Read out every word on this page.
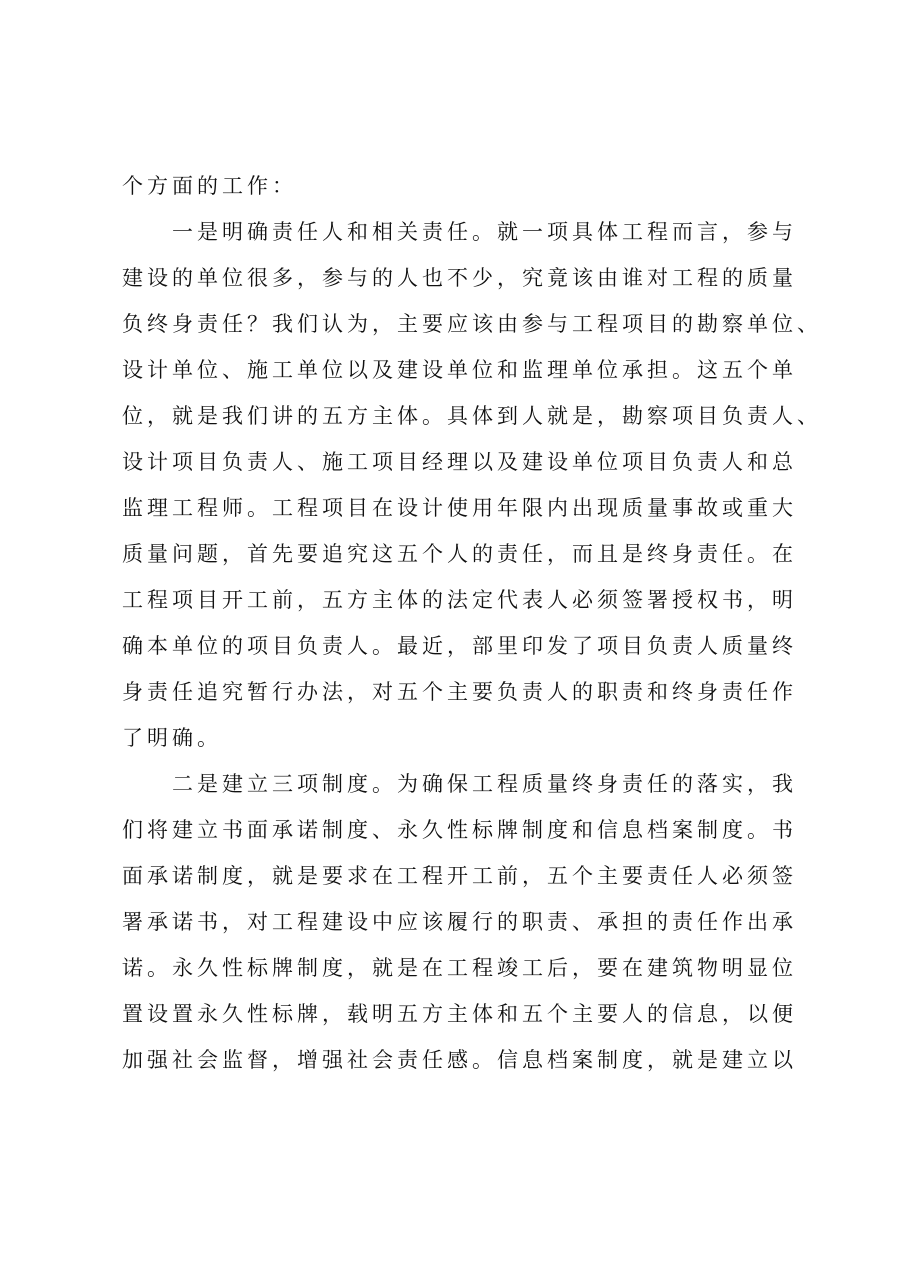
个方面的工作：
一是明确责任人和相关责任。就一项具体工程而言，参与
建设的单位很多，参与的人也不少，究竟该由谁对工程的质量
负终身责任？我们认为，主要应该由参与工程项目的勘察单位、
设计单位、施工单位以及建设单位和监理单位承担。这五个单
位，就是我们讲的五方主体。具体到人就是，勘察项目负责人、
设计项目负责人、施工项目经理以及建设单位项目负责人和总
监理工程师。工程项目在设计使用年限内出现质量事故或重大
质量问题，首先要追究这五个人的责任，而且是终身责任。在
工程项目开工前，五方主体的法定代表人必须签署授权书，明
确本单位的项目负责人。最近，部里印发了项目负责人质量终
身责任追究暂行办法，对五个主要负责人的职责和终身责任作
了明确。
二是建立三项制度。为确保工程质量终身责任的落实，我
们将建立书面承诺制度、永久性标牌制度和信息档案制度。书
面承诺制度，就是要求在工程开工前，五个主要责任人必须签
署承诺书，对工程建设中应该履行的职责、承担的责任作出承
诺。永久性标牌制度，就是在工程竣工后，要在建筑物明显位
置设置永久性标牌，载明五方主体和五个主要人的信息，以便
加强社会监督，增强社会责任感。信息档案制度，就是建立以
